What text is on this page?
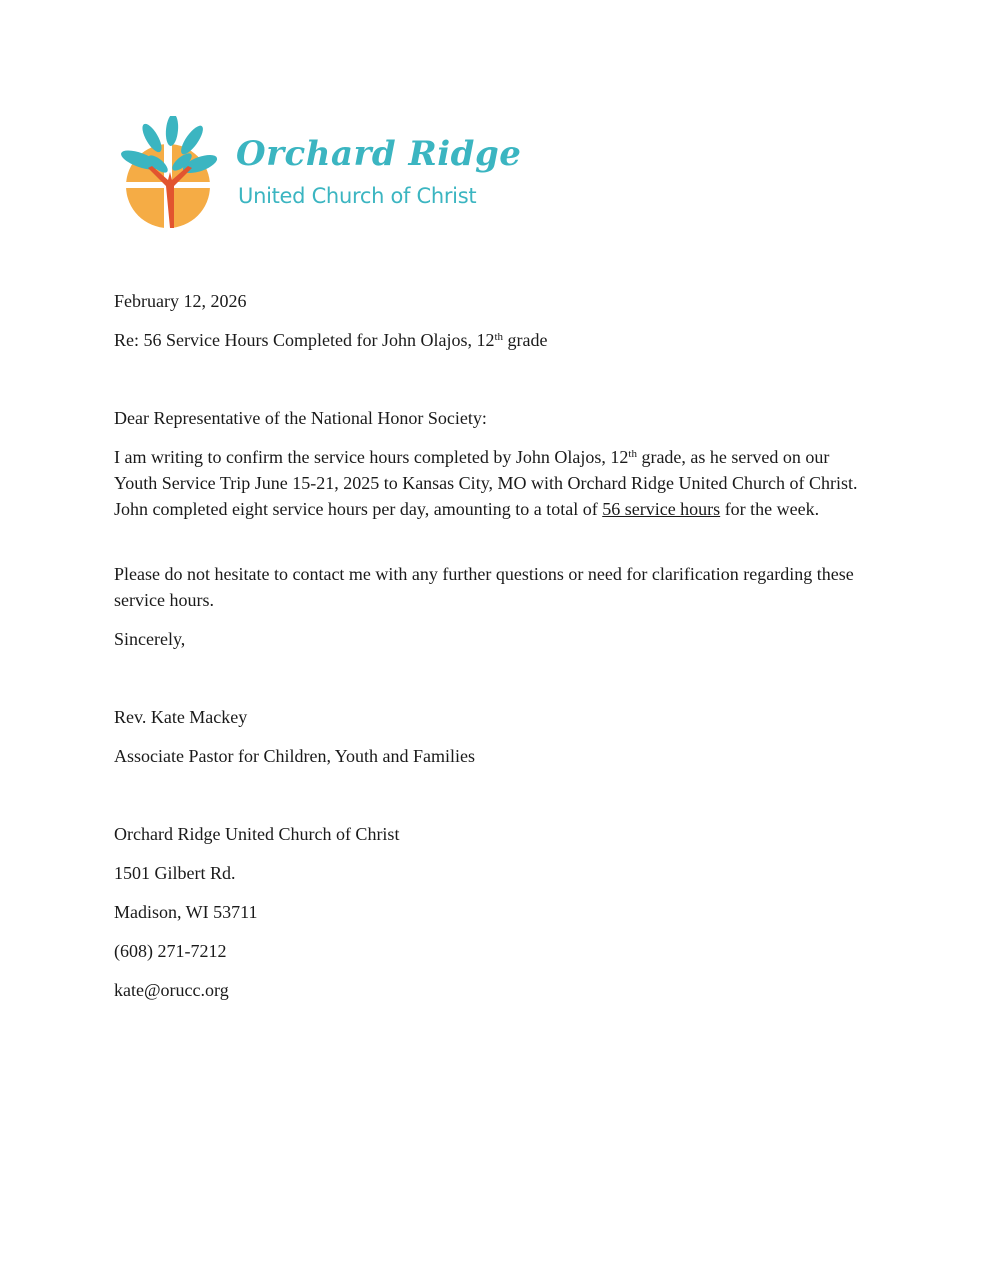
Orchard Ridge
United Church of Christ

February 12, 2026

Re: 56 Service Hours Completed for John Olajos, 12th grade

Dear Representative of the National Honor Society:

I am writing to confirm the service hours completed by John Olajos, 12th grade, as he served on our Youth Service Trip June 15-21, 2025 to Kansas City, MO with Orchard Ridge United Church of Christ. John completed eight service hours per day, amounting to a total of 56 service hours for the week.

Please do not hesitate to contact me with any further questions or need for clarification regarding these service hours.

Sincerely,

Rev. Kate Mackey

Associate Pastor for Children, Youth and Families

Orchard Ridge United Church of Christ

1501 Gilbert Rd.

Madison, WI 53711

(608) 271-7212

kate@orucc.org
